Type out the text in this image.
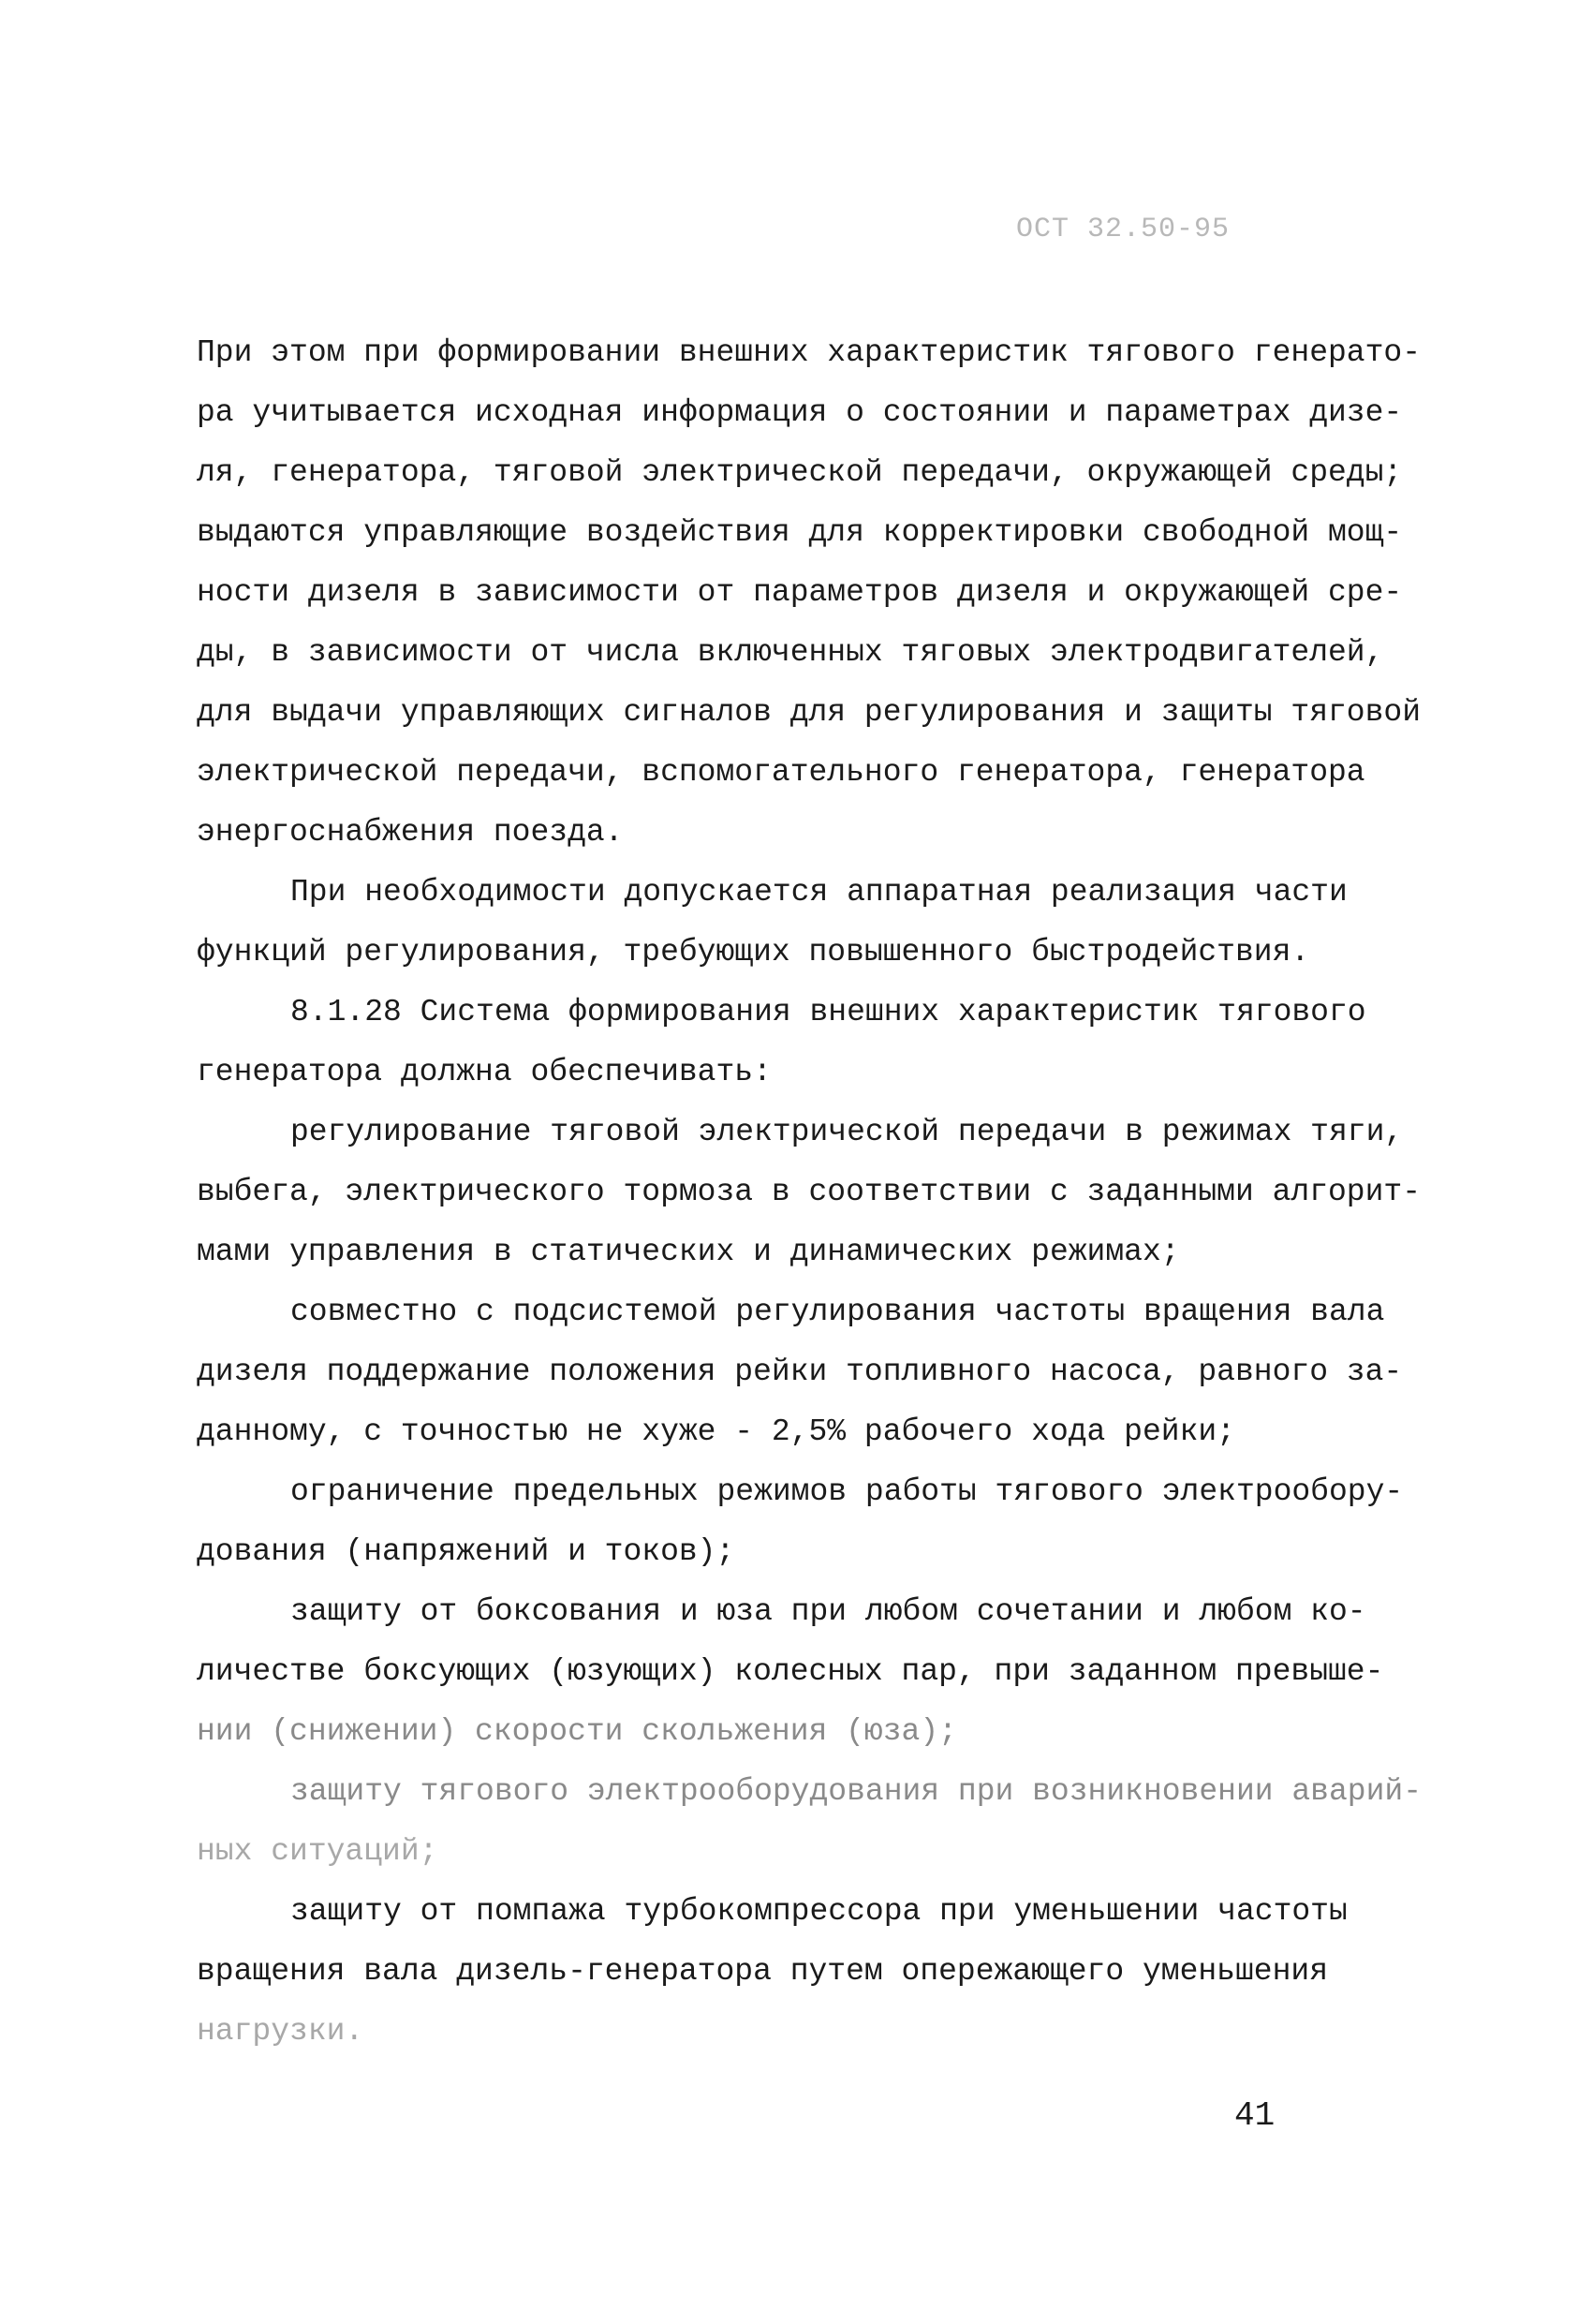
ОСТ 32.50-95
При этом при формировании внешних характеристик тягового генерато-
ра учитывается исходная информация о состоянии и параметрах дизе-
ля, генератора, тяговой электрической передачи, окружающей среды;
выдаются управляющие воздействия для корректировки свободной мощ-
ности дизеля в зависимости от параметров дизеля и окружающей сре-
ды, в зависимости от числа включенных тяговых электродвигателей,
для выдачи управляющих сигналов для регулирования и защиты тяговой
электрической передачи, вспомогательного генератора, генератора
энергоснабжения поезда.
При необходимости допускается аппаратная реализация части
функций регулирования, требующих повышенного быстродействия.
8.1.28 Система формирования внешних характеристик тягового
генератора должна обеспечивать:
регулирование тяговой электрической передачи в режимах тяги,
выбега, электрического тормоза в соответствии с заданными алгорит-
мами управления в статических и динамических режимах;
совместно с подсистемой регулирования частоты вращения вала
дизеля поддержание положения рейки топливного насоса, равного за-
данному, с точностью не хуже - 2,5% рабочего хода рейки;
ограничение предельных режимов работы тягового электрообору-
дования (напряжений и токов);
защиту от боксования и юза при любом сочетании и любом ко-
личестве боксующих (юзующих) колесных пар, при заданном превыше-
нии (снижении) скорости скольжения (юза);
защиту тягового электрооборудования при возникновении аварий-
ных ситуаций;
защиту от помпажа турбокомпрессора при уменьшении частоты
вращения вала дизель-генератора путем опережающего уменьшения
нагрузки.
41
